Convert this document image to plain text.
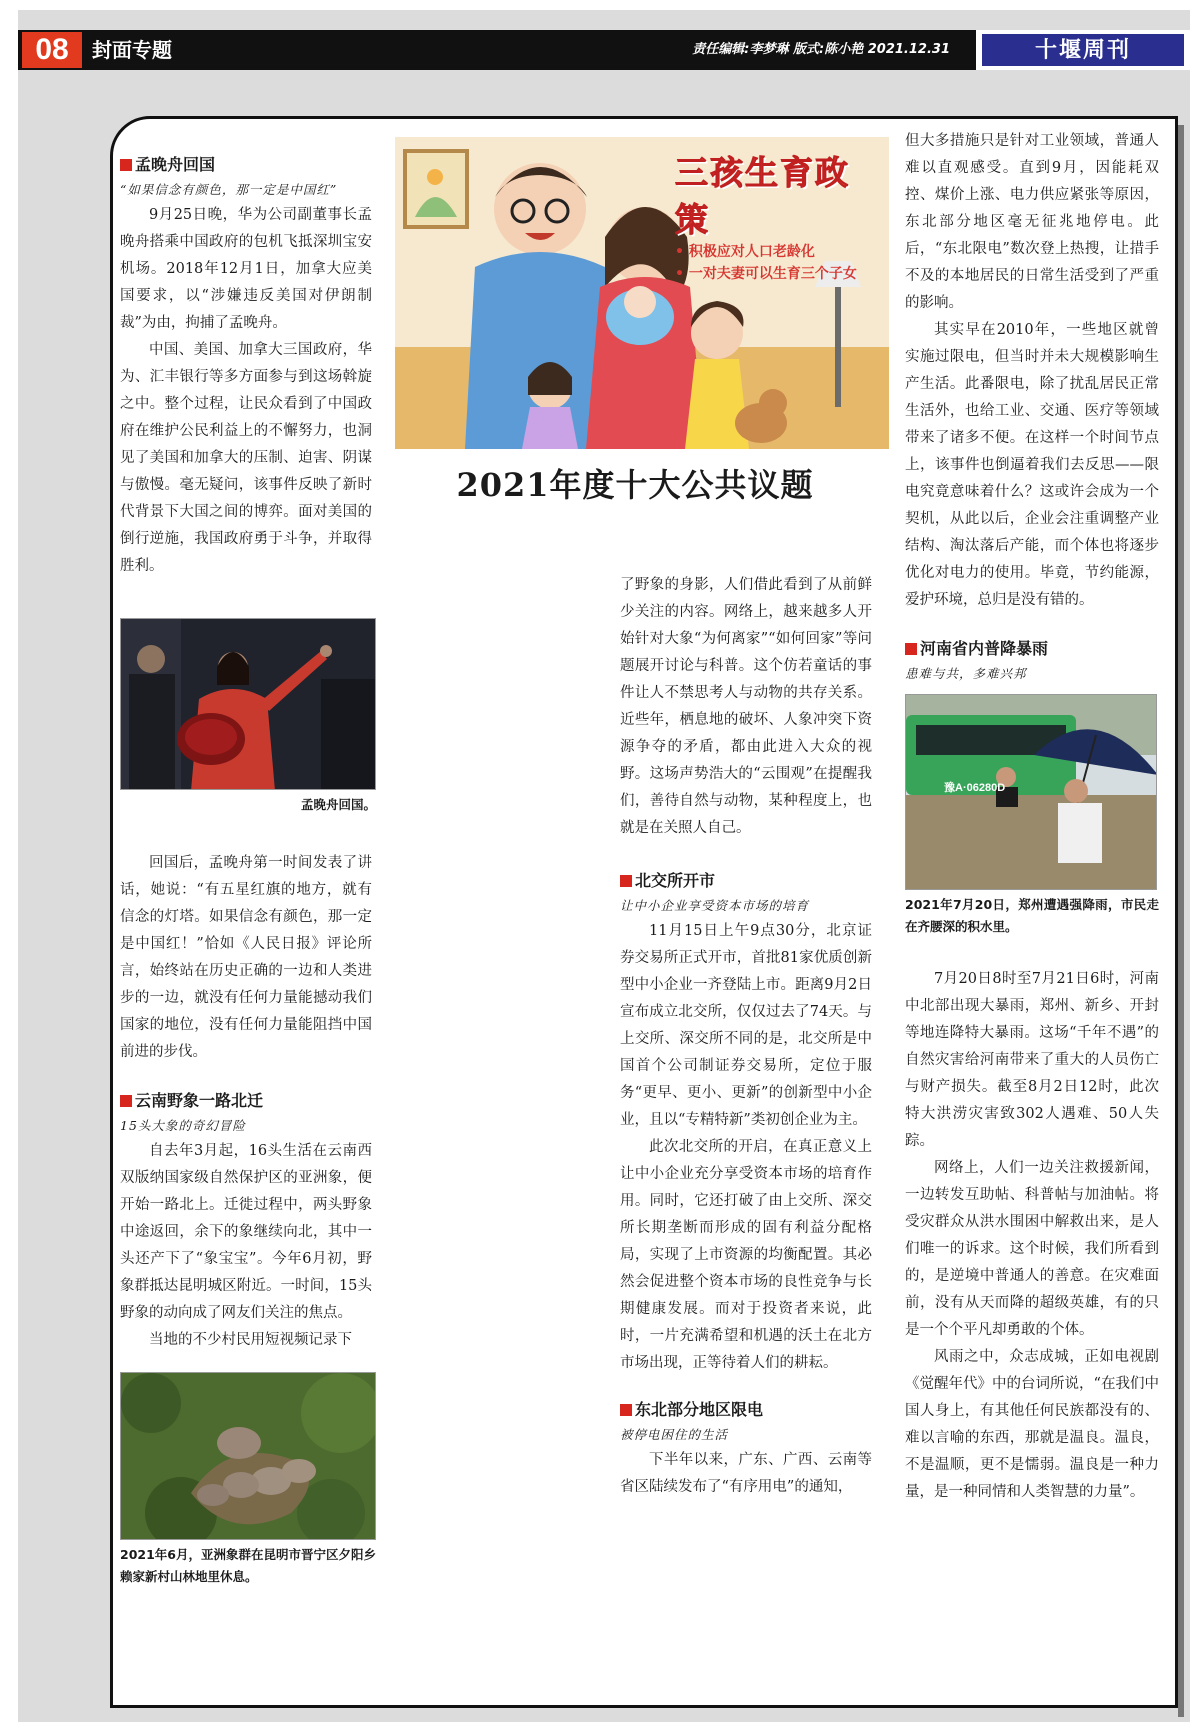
08	封面专题	责任编辑:李梦琳 版式:陈小艳 2021.12.31	十堰周刊
孟晚舟回国
“如果信念有颜色，那一定是中国红”

9月25日晚，华为公司副董事长孟晚舟搭乘中国政府的包机飞抵深圳宝安机场。2018年12月1日，加拿大应美国要求，以“涉嫌违反美国对伊朗制裁”为由，拘捕了孟晚舟。

中国、美国、加拿大三国政府，华为、汇丰银行等多方面参与到这场斡旋之中。整个过程，让民众看到了中国政府在维护公民利益上的不懈努力，也洞见了美国和加拿大的压制、迫害、阴谋与傲慢。毫无疑问，该事件反映了新时代背景下大国之间的博弈。面对美国的倒行逆施，我国政府勇于斗争，并取得胜利。

孟晚舟回国。

回国后，孟晚舟第一时间发表了讲话，她说：“有五星红旗的地方，就有信念的灯塔。如果信念有颜色，那一定是中国红！”恰如《人民日报》评论所言，始终站在历史正确的一边和人类进步的一边，就没有任何力量能撼动我们国家的地位，没有任何力量能阻挡中国前进的步伐。

云南野象一路北迁
15头大象的奇幻冒险

自去年3月起，16头生活在云南西双版纳国家级自然保护区的亚洲象，便开始一路北上。迁徙过程中，两头野象中途返回，余下的象继续向北，其中一头还产下了“象宝宝”。今年6月初，野象群抵达昆明城区附近。一时间，15头野象的动向成了网友们关注的焦点。

当地的不少村民用短视频记录下

2021年6月，亚洲象群在昆明市晋宁区夕阳乡赖家新村山林地里休息。
三孩生育政策
• 积极应对人口老龄化
• 一对夫妻可以生育三个子女
2021年度十大公共议题

了野象的身影，人们借此看到了从前鲜少关注的内容。网络上，越来越多人开始针对大象“为何离家”“如何回家”等问题展开讨论与科普。这个仿若童话的事件让人不禁思考人与动物的共存关系。近些年，栖息地的破坏、人象冲突下资源争夺的矛盾，都由此进入大众的视野。这场声势浩大的“云围观”在提醒我们，善待自然与动物，某种程度上，也就是在关照人自己。

北交所开市
让中小企业享受资本市场的培育

11月15日上午9点30分，北京证券交易所正式开市，首批81家优质创新型中小企业一齐登陆上市。距离9月2日宣布成立北交所，仅仅过去了74天。与上交所、深交所不同的是，北交所是中国首个公司制证券交易所，定位于服务“更早、更小、更新”的创新型中小企业，且以“专精特新”类初创企业为主。

此次北交所的开启，在真正意义上让中小企业充分享受资本市场的培育作用。同时，它还打破了由上交所、深交所长期垄断而形成的固有利益分配格局，实现了上市资源的均衡配置。其必然会促进整个资本市场的良性竞争与长期健康发展。而对于投资者来说，此时，一片充满希望和机遇的沃土在北方市场出现，正等待着人们的耕耘。

东北部分地区限电
被停电困住的生活

下半年以来，广东、广西、云南等省区陆续发布了“有序用电”的通知，

但大多措施只是针对工业领域，普通人难以直观感受。直到9月，因能耗双控、煤价上涨、电力供应紧张等原因，东北部分地区毫无征兆地停电。此后，“东北限电”数次登上热搜，让措手不及的本地居民的日常生活受到了严重的影响。

其实早在2010年，一些地区就曾实施过限电，但当时并未大规模影响生产生活。此番限电，除了扰乱居民正常生活外，也给工业、交通、医疗等领域带来了诸多不便。在这样一个时间节点上，该事件也倒逼着我们去反思——限电究竟意味着什么？这或许会成为一个契机，从此以后，企业会注重调整产业结构、淘汰落后产能，而个体也将逐步优化对电力的使用。毕竟，节约能源，爱护环境，总归是没有错的。

河南省内普降暴雨
患难与共，多难兴邦
豫A·06280D
2021年7月20日，郑州遭遇强降雨，市民走在齐腰深的积水里。

7月20日8时至7月21日6时，河南中北部出现大暴雨，郑州、新乡、开封等地连降特大暴雨。这场“千年不遇”的自然灾害给河南带来了重大的人员伤亡与财产损失。截至8月2日12时，此次特大洪涝灾害致302人遇难、50人失踪。

网络上，人们一边关注救援新闻，一边转发互助帖、科普帖与加油帖。将受灾群众从洪水围困中解救出来，是人们唯一的诉求。这个时候，我们所看到的，是逆境中普通人的善意。在灾难面前，没有从天而降的超级英雄，有的只是一个个平凡却勇敢的个体。

风雨之中，众志成城，正如电视剧《觉醒年代》中的台词所说，“在我们中国人身上，有其他任何民族都没有的、难以言喻的东西，那就是温良。温良，不是温顺，更不是懦弱。温良是一种力量，是一种同情和人类智慧的力量”。
